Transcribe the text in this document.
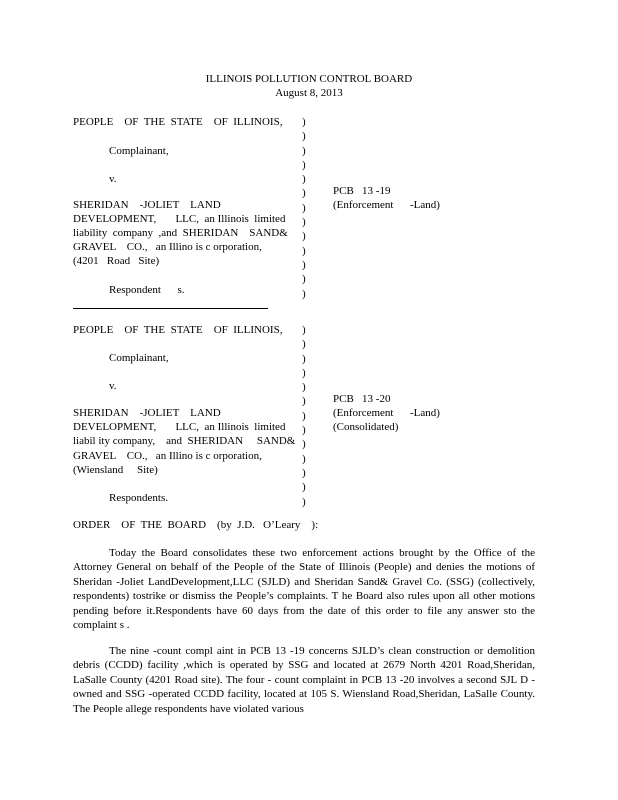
ILLINOIS POLLUTION CONTROL BOARD
August 8, 2013
PEOPLE    OF  THE  STATE    OF  ILLINOIS,
Complainant,
v.
SHERIDAN    -JOLIET    LAND
DEVELOPMENT,       LLC,  an Illinois  limited
liability  company  ,and  SHERIDAN    SAND&
GRAVEL    CO.,   an Illino is c orporation,
(4201   Road   Site)
Respondent      s.
)
)
)
)
)
)
)
)
)
)
)
)
)
PCB   13 -19
(Enforcement      -Land)
PEOPLE    OF  THE  STATE    OF  ILLINOIS,
Complainant,
v.
SHERIDAN    -JOLIET    LAND
DEVELOPMENT,       LLC,  an Illinois  limited
liabil ity company,    and  SHERIDAN     SAND&
GRAVEL    CO.,   an Illino is c orporation,
(Wiensland     Site)
Respondents.
)
)
)
)
)
)
)
)
)
)
)
)
)
PCB   13 -20
(Enforcement      -Land)
(Consolidated)
ORDER    OF  THE  BOARD    (by  J.D.   O’Leary    ):
Today the Board consolidates these two enforcement actions brought by the Office of the Attorney General on behalf of the People of the State of Illinois (People) and denies the motions of Sheridan -Joliet LandDevelopment,LLC (SJLD) and Sheridan Sand& Gravel Co. (SSG) (collectively, respondents) tostrike or dismiss the People’s complaints. T he Board also rules upon all other motions pending before it.Respondents have 60 days from the date of this order to file any answer sto the complaint s .
The nine -count compl aint in PCB 13 -19 concerns SJLD’s clean construction or demolition debris (CCDD) facility ,which is operated by SSG and located at 2679 North 4201 Road,Sheridan, LaSalle County (4201 Road site). The four - count complaint in PCB 13 -20 involves a second SJL D -owned and SSG -operated CCDD facility, located at 105 S. Wiensland Road,Sheridan, LaSalle County. The People allege respondents have violated various
